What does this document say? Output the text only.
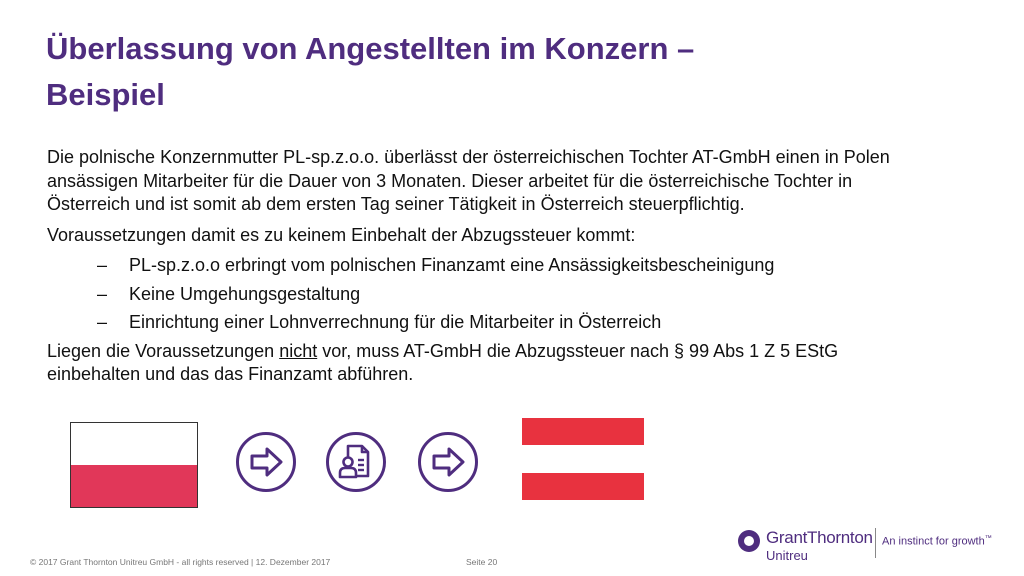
Überlassung von Angestellten im Konzern –
Beispiel

Die polnische Konzernmutter PL-sp.z.o.o. überlässt der österreichischen Tochter AT-GmbH einen in Polen ansässigen Mitarbeiter für die Dauer von 3 Monaten. Dieser arbeitet für die österreichische Tochter in Österreich und ist somit ab dem ersten Tag seiner Tätigkeit in Österreich steuerpflichtig.

Voraussetzungen damit es zu keinem Einbehalt der Abzugssteuer kommt:

– PL-sp.z.o.o erbringt vom polnischen Finanzamt eine Ansässigkeitsbescheinigung
– Keine Umgehungsgestaltung
– Einrichtung einer Lohnverrechnung für die Mitarbeiter in Österreich

Liegen die Voraussetzungen nicht vor, muss AT-GmbH die Abzugssteuer nach § 99 Abs 1 Z 5 EStG einbehalten und das das Finanzamt abführen.

GrantThornton
Unitreu
An instinct for growth™
© 2017 Grant Thornton Unitreu GmbH - all rights reserved | 12. Dezember 2017	Seite 20
